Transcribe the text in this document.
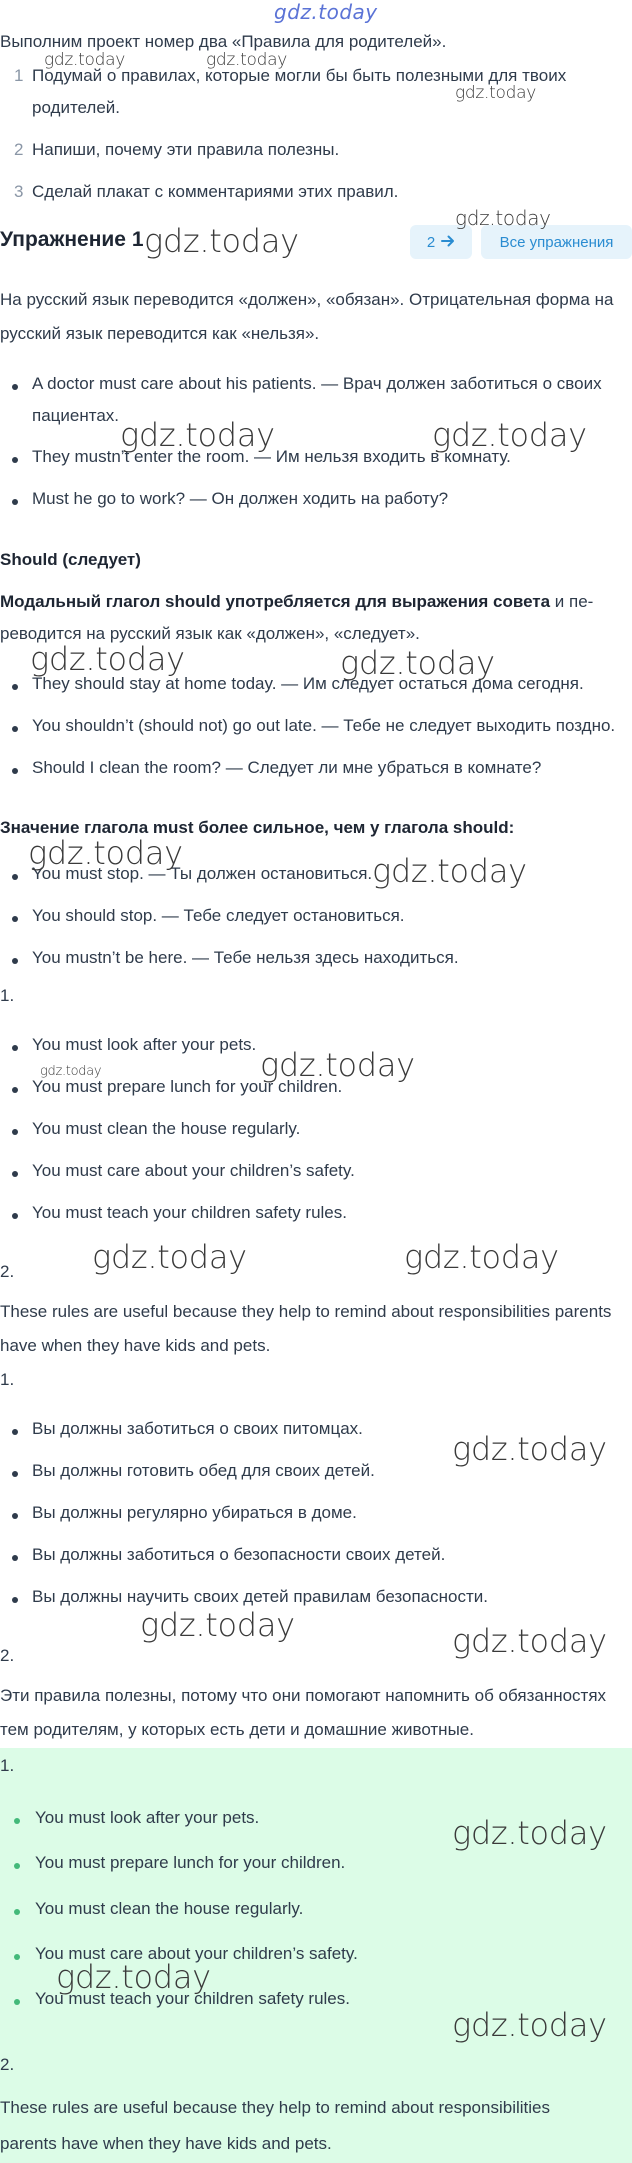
gdz.today
Выполним проект номер два «Правила для родителей».
1 Подумай о правилах, которые могли бы быть полезными для твоих
родителей.
2 Напиши, почему эти правила полезны.
3 Сделай плакат с комментариями этих правил.
Упражнение 1	2	Все упражнения
На русский язык переводится «должен», «обязан». Отрицательная форма на
русский язык переводится как «нельзя».
A doctor must care about his patients. — Врач должен заботиться о своих
пациентах.
They mustn’t enter the room. — Им нельзя входить в комнату.
Must he go to work? — Он должен ходить на работу?
Should (следует)
Модальный глагол should употребляется для выражения совета и пе-
реводится на русский язык как «должен», «следует».
They should stay at home today. — Им следует остаться дома сегодня.
You shouldn’t (should not) go out late. — Тебе не следует выходить поздно.
Should I clean the room? — Следует ли мне убраться в комнате?
Значение глагола must более сильное, чем у глагола should:
You must stop. — Ты должен остановиться.
You should stop. — Тебе следует остановиться.
You mustn’t be here. — Тебе нельзя здесь находиться.
1.
You must look after your pets.
You must prepare lunch for your children.
You must clean the house regularly.
You must care about your children’s safety.
You must teach your children safety rules.
2.
These rules are useful because they help to remind about responsibilities parents
have when they have kids and pets.
1.
Вы должны заботиться о своих питомцах.
Вы должны готовить обед для своих детей.
Вы должны регулярно убираться в доме.
Вы должны заботиться о безопасности своих детей.
Вы должны научить своих детей правилам безопасности.
2.
Эти правила полезны, потому что они помогают напомнить об обязанностях
тем родителям, у которых есть дети и домашние животные.
1.
You must look after your pets.
You must prepare lunch for your children.
You must clean the house regularly.
You must care about your children’s safety.
You must teach your children safety rules.
2.
These rules are useful because they help to remind about responsibilities
parents have when they have kids and pets.
gdz.today	gdz.today
gdz.today
gdz.today
gdz.today
gdz.today	gdz.today
gdz.today	gdz.today
gdz.today	gdz.today
gdz.today
gdz.today
gdz.today	gdz.today
gdz.today
gdz.today	gdz.today
gdz.today
gdz.today
gdz.today
